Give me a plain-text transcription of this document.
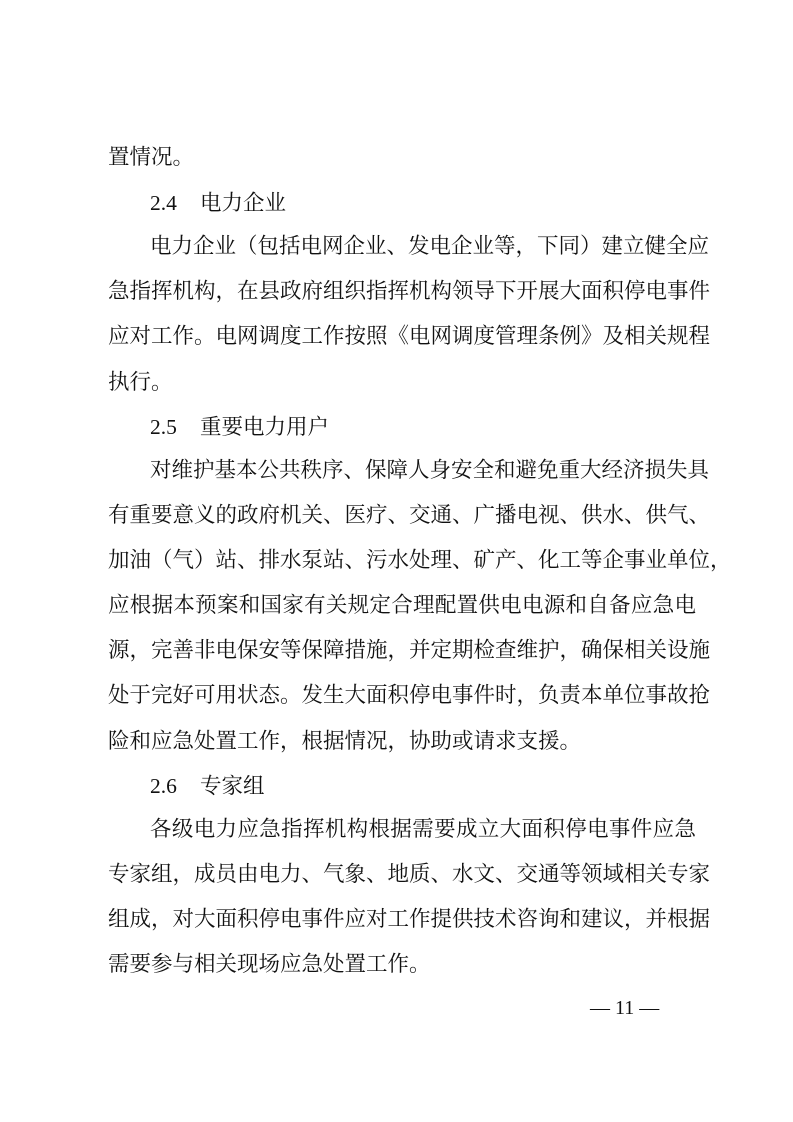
置情况。
2.4 电力企业
电力企业（包括电网企业、发电企业等，下同）建立健全应
急指挥机构，在县政府组织指挥机构领导下开展大面积停电事件
应对工作。电网调度工作按照《电网调度管理条例》及相关规程
执行。
2.5 重要电力用户
对维护基本公共秩序、保障人身安全和避免重大经济损失具
有重要意义的政府机关、医疗、交通、广播电视、供水、供气、
加油（气）站、排水泵站、污水处理、矿产、化工等企事业单位，
应根据本预案和国家有关规定合理配置供电电源和自备应急电
源，完善非电保安等保障措施，并定期检查维护，确保相关设施
处于完好可用状态。发生大面积停电事件时，负责本单位事故抢
险和应急处置工作，根据情况，协助或请求支援。
2.6 专家组
各级电力应急指挥机构根据需要成立大面积停电事件应急
专家组，成员由电力、气象、地质、水文、交通等领域相关专家
组成，对大面积停电事件应对工作提供技术咨询和建议，并根据
需要参与相关现场应急处置工作。
— 11 —
